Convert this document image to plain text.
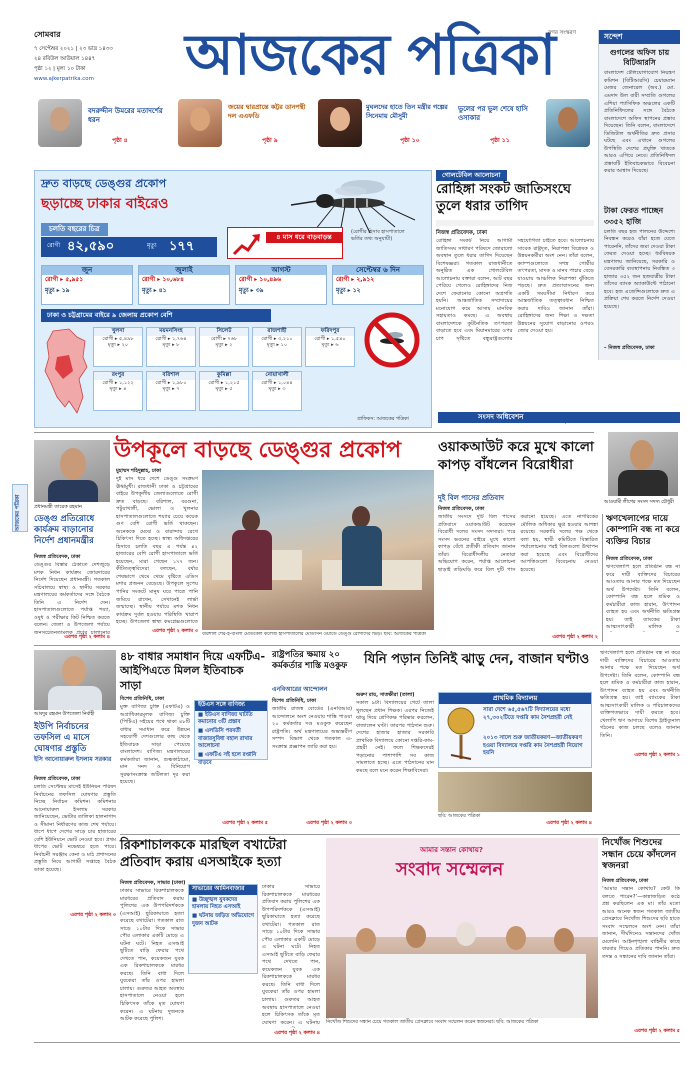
সোমবার
৭ সেপ্টেম্বর ২০২১ | ২৩ ভাদ্র ১৪৩৩
২৪ রবিউল আউয়াল ১৪৪৭
পৃষ্ঠা ১২ | মূল্য ১০ টাকা
www.ajkerpatrika.com	আজকের পত্রিকা
নগর সংস্করণ
বদরুদ্দীন উমরের মতাদর্শের ধরন
পৃষ্ঠা ৪
জয়ের দ্বারপ্রান্তে কট্টর ডানপন্থী দল এএফডি
পৃষ্ঠা ৯
মুঘলদের হাতে তিন মন্ত্রীর গল্পের সিনেমায় মৌসুমী
পৃষ্ঠা ১০
ভুলের পর ভুল শেষে হাসি ওসাকার
পৃষ্ঠা ১১
সন্দেশ
গুগলের অফিস চায় বিটিআরসি
বাংলাদেশ টেলিযোগাযোগ নিয়ন্ত্রণ কমিশন (বিটিআরসি) চেয়ারম্যান মেজর জেনারেল (অব.) মো. এমদাদ উল বারী সম্প্রতি গুগলের এশিয়া প্যাসিফিক অঞ্চলের একটি প্রতিনিধিদলের সঙ্গে বৈঠকে বাংলাদেশে অফিস স্থাপনের প্রস্তাব দিয়েছেন। তিনি বলেন, বাংলাদেশে ডিজিটাল অর্থনীতির দ্রুত প্রসার ঘটছে এবং এখানে গুগলের উপস্থিতি দেশের প্রযুক্তি খাতকে আরও এগিয়ে নেবে। প্রতিনিধিদল প্রস্তাবটি ইতিবাচকভাবে বিবেচনা করার আশ্বাস দিয়েছে।
টাকা ফেরত পাচ্ছেন ৩৩৫২ হাজি
চলতি বছর হজ পালনের উদ্দেশ্যে নিবন্ধন করেও যাঁরা হজে যেতে পারেননি, তাঁদের জমা দেওয়া টাকা ফেরত দেওয়া হচ্ছে। ধর্মবিষয়ক মন্ত্রণালয় জানিয়েছে, সরকারি ও বেসরকারি ব্যবস্থাপনায় নিবন্ধিত ৩ হাজার ৩৫২ জন হজযাত্রীর টাকা তাঁদের ব্যাংক অ্যাকাউন্টে পাঠানো হবে। হজ এজেন্সিগুলোকে দ্রুত এ প্রক্রিয়া শেষ করতে নির্দেশ দেওয়া হয়েছে।
– নিজস্ব প্রতিবেদক, ঢাকা
দ্রুত বাড়ছে ডেঙ্গুর প্রকোপ
ছড়াচ্ছে ঢাকার বাইরেও
চলতি বছরের চিত্র
রোগী ৪২,৫৯০	মৃত্যু ১৭৭
৪ মাস ধরে বাড়বাড়ন্ত
(রোগীর হিসাব হাসপাতালে ভর্তির তথ্য অনুযায়ী)
জুন
রোগী ▸ ৫,৯৫১
মৃত্যু ▸ ১৯
জুলাই
রোগী ▸ ১০,৬৮৪
মৃত্যু ▸ ৪১
আগস্ট
রোগী ▸ ১০,৪৯৬
মৃত্যু ▸ ৩৯
সেপ্টেম্বর ৬ দিন
রোগী ▸ ২,৯১২
মৃত্যু ▸ ১২
ঢাকা ও চট্টগ্রামের বাইরে ৯ জেলায় প্রকোপ বেশি
খুলনা
রোগী ▸ ৫,৪৯৮
মৃত্যু ▸ ২০
ময়মনসিংহ
রোগী ▸ ১,৭৬৪
মৃত্যু ▸ ৮
সিলেট
রোগী ▸ ৭৬৮
মৃত্যু ▸ ২
রাজশাহী
রোগী ▸ ৩,২১০
মৃত্যু ▸ ১০
ফরিদপুর
রোগী ▸ ১,৫৪০
মৃত্যু ▸ ৬
রংপুর
রোগী ▸ ১,১২২
মৃত্যু ▸ ৪
বরিশাল
রোগী ▸ ১,৯৮০
মৃত্যু ▸ ৭
কুমিল্লা
রোগী ▸ ১,২১৫
মৃত্যু ▸ ৫
নোয়াখালী
রোগী ▸ ১,০৪৪
মৃত্যু ▸ ৩
গ্রাফিকস: আজকের পত্রিকা
গোলটেবিল আলোচনা
রোহিঙ্গা সংকট জাতিসংঘে তুলে ধরার তাগিদ
নিজস্ব প্রতিবেদক, ঢাকা
রোহিঙ্গা সংকট নিয়ে আগামী জাতিসংঘ সাধারণ পরিষদে জোরালো অবস্থান তুলে ধরার তাগিদ দিয়েছেন বিশেষজ্ঞরা। গতকাল রাজধানীতে অনুষ্ঠিত এক গোলটেবিল আলোচনায় বক্তারা বলেন, আট বছর পেরিয়ে গেলেও রোহিঙ্গাদের নিজ দেশে ফেরানোর কোনো অগ্রগতি হয়নি। আন্তর্জাতিক সম্প্রদায়ের মনোযোগ কমে আসায় মানবিক সহায়তাও কমছে। এ অবস্থায় বাংলাদেশকে কূটনৈতিক তৎপরতা বাড়াতে হবে এবং মিয়ানমারের ওপর চাপ সৃষ্টিতে বন্ধুরাষ্ট্রগুলোর সহযোগিতা চাইতে হবে। আলোচনায় সাবেক রাষ্ট্রদূত, নিরাপত্তা বিশ্লেষক ও উন্নয়নকর্মীরা অংশ নেন। তাঁরা বলেন, ক্যাম্পগুলোতে সশস্ত্র গোষ্ঠীর তৎপরতা, মাদক ও মানব পাচার বেড়ে যাওয়ায় আঞ্চলিক নিরাপত্তা ঝুঁকিতে পড়ছে। দ্রুত প্রত্যাবাসনের জন্য একটি সময়সীমা নির্ধারণ করে আন্তর্জাতিক তত্ত্বাবধান নিশ্চিত করার দাবিও জানান তাঁরা। রোহিঙ্গাদের জন্য শিক্ষা ও দক্ষতা উন্নয়নের সুযোগ বাড়ানোর ওপরও জোর দেওয়া হয়।
উপকূলে বাড়ছে ডেঙ্গুর প্রকোপ
প্রধানমন্ত্রী তারেক রহমান
ডেঙ্গু প্রতিরোধে কার্যক্রম বাড়ানোর নির্দেশ প্রধানমন্ত্রীর
নিজস্ব প্রতিবেদক, ঢাকা
ডেঙ্গুর বিস্তার ঠেকাতে দেশজুড়ে মশক নিধন কার্যক্রম জোরদারের নির্দেশ দিয়েছেন প্রধানমন্ত্রী। গতকাল সচিবালয়ে স্বাস্থ্য ও স্থানীয় সরকার মন্ত্রণালয়ের কর্মকর্তাদের সঙ্গে বৈঠকে তিনি এ নির্দেশ দেন। হাসপাতালগুলোতে পর্যাপ্ত শয্যা, ওষুধ ও পরীক্ষার কিট নিশ্চিত করতে বলেন। জেলা ও উপজেলা পর্যায়ে জনসচেতনতামূলক প্রচার চালানোর
এরপর পৃষ্ঠা ২ কলাম ৪
মুহাম্মদ শহিদুল্লাহ, ঢাকা
দুই মাস ধরে দেশে ডেঙ্গু সংক্রমণ ঊর্ধ্বমুখী। রাজধানী ঢাকা ও চট্টগ্রামের বাইরে উপকূলীয় জেলাগুলোতে রোগী দ্রুত বাড়ছে। বরিশাল, বরগুনা, পটুয়াখালী, ভোলা ও খুলনার হাসপাতালগুলোতে শয্যার চেয়ে কয়েক গুণ বেশি রোগী ভর্তি থাকছেন। অনেককে মেঝে ও বারান্দায় রেখে চিকিৎসা দিতে হচ্ছে। স্বাস্থ্য অধিদপ্তরের হিসাবে চলতি বছর এ পর্যন্ত ৪২ হাজারের বেশি রোগী হাসপাতালে ভর্তি হয়েছেন, মারা গেছেন ১৭৭ জন। কীটতত্ত্ববিদেরা বলছেন, বর্ষার শেষভাগে থেমে থেমে বৃষ্টিতে এডিস মশার প্রজনন বেড়েছে। উপকূলে সুপেয় পানির সংকটে মানুষ ঘরে পাত্রে পানি জমিয়ে রাখেন, সেখানেই লার্ভা জন্মাচ্ছে। স্থানীয় পর্যায়ে মশক নিধন কার্যক্রম দুর্বল হওয়ায় পরিস্থিতি খারাপ হচ্ছে। উপজেলা স্বাস্থ্য কমপ্লেক্সগুলোতে
এরপর পৃষ্ঠা ২ কলাম ৩
বরিশাল শের-ই-বাংলা মেডিকেল কলেজ হাসপাতালের মেডিসিন ওয়ার্ডে ডেঙ্গু রোগীদের ভিড়। ছবি: আজকের পত্রিকা
আজকের পত্রিকা
সংসদ অধিবেশন
ওয়াকআউট করে মুখে কালো কাপড় বাঁধলেন বিরোধীরা
আওয়ামী লীগের সংসদ সদস্য চৌধুরী
দুই বিল পাসের প্রতিবাদ
নিজস্ব প্রতিবেদক, ঢাকা
জাতীয় সংসদে দুটি বিল পাসের প্রতিবাদে ওয়াকআউট করেছেন বিরোধী দলের সংসদ সদস্যরা। পরে সংসদ ভবনের বাইরে মুখে কালো কাপড় বেঁধে প্রতীকী প্রতিবাদ জানান তাঁরা। বিরোধীদলীয় নেতারা অভিযোগ করেন, পর্যাপ্ত আলোচনা ছাড়াই তড়িঘড়ি করে বিল দুটি পাস করানো হয়েছে। এতে নাগরিকের মৌলিক অধিকার ক্ষুণ্ণ হওয়ার আশঙ্কা রয়েছে। সরকারি দলের পক্ষ থেকে বলা হয়, স্থায়ী কমিটিতে বিস্তারিত পর্যালোচনার পরই বিলগুলো উত্থাপন করা হয়েছে এবং বিরোধীদের আপত্তিগুলো বিবেচনায় নেওয়া হয়েছে।
এরপর পৃষ্ঠা ২ কলাম ২
ঋণখেলাপের দায়ে কোম্পানি বন্ধ না করে ব্যক্তির বিচার
নিজস্ব প্রতিবেদক, ঢাকা
ঋণখেলাপি হলে প্রতিষ্ঠান বন্ধ না করে দায়ী ব্যক্তিদের বিচারের আওতায় আনার পক্ষে মত দিয়েছেন অর্থ উপদেষ্টা। তিনি বলেন, কোম্পানি বন্ধ হলে শ্রমিক ও কর্মচারীরা কাজ হারান, উৎপাদন ব্যাহত হয় এবং অর্থনীতি ক্ষতিগ্রস্ত হয়। তাই ব্যাংকের টাকা আত্মসাৎকারী মালিক ও
আবদুর রহমান উপজেলা নির্বাহী
ইউপি নির্বাচনের তফসিল এ মাসে ঘোষণার প্রস্তুতি
ইসি আনোয়ারুল ইসলাম সরকার
নিজস্ব প্রতিবেদক, ঢাকা
চলতি সেপ্টেম্বর মাসেই ইউনিয়ন পরিষদ নির্বাচনের তফসিল ঘোষণার প্রস্তুতি নিচ্ছে নির্বাচন কমিশন। কমিশনার আনোয়ারুল ইসলাম সরকার জানিয়েছেন, ভোটার তালিকা হালনাগাদ ও সীমানা নির্ধারণের কাজ শেষ পর্যায়ে। ধাপে ধাপে দেশের সাড়ে চার হাজারের বেশি ইউনিয়নে ভোট নেওয়া হবে। প্রথম ধাপের ভোট নভেম্বরে হতে পারে। নির্বাচনী সরঞ্জাম কেনা ও মাঠ প্রশাসনের প্রস্তুতি নিয়ে আগামী সপ্তাহে বৈঠক ডাকা হয়েছে।
এরপর পৃষ্ঠা ২ কলাম ৩
৪৮ বাধার সমাধান দিয়ে এফটিএ-আইপিএতে মিলল ইতিবাচক সাড়া
বিশেষ প্রতিনিধি, ঢাকা
মুক্ত বাণিজ্য চুক্তি (এফটিএ) ও অগ্রাধিকারমূলক বাণিজ্য চুক্তি (পিটিএ) সইয়ের পথে থাকা ৪৮টি বাধার সমাধান করে উন্নয়ন সহযোগী দেশগুলোর কাছ থেকে ইতিবাচক সাড়া পেয়েছে বাংলাদেশ। বাণিজ্য মন্ত্রণালয়ের কর্মকর্তারা জানান, শুল্ককাঠামো, মান সনদ ও বিনিয়োগ সুরক্ষাসংক্রান্ত জটিলতা দূর করা হয়েছে।
ইউএস সঙ্গে বাণিজ্য
■ ইউএস বাণিজ্য ঘাটতি কমানোর ৩টি প্রস্তাব
■ এলডিসি পরবর্তী বাজারসুবিধা বহাল রাখার আলোচনা
■ এফটিএ সই হলে রপ্তানি বাড়বে
এরপর পৃষ্ঠা ২ কলাম ৫
রাষ্ট্রপতির ক্ষমায় ২০ কর্মকর্তার শাস্তি মওকুফ
এনবিআরের আন্দোলন
বিশেষ প্রতিনিধি, ঢাকা
জাতীয় রাজস্ব বোর্ডের (এনবিআর) আন্দোলনে অংশ নেওয়ায় শাস্তি পাওয়া ২০ কর্মকর্তার দণ্ড মওকুফ করেছেন রাষ্ট্রপতি। অর্থ মন্ত্রণালয়ের অভ্যন্তরীণ সম্পদ বিভাগ থেকে গতকাল এ-সংক্রান্ত প্রজ্ঞাপন জারি করা হয়।
এরপর পৃষ্ঠা ২ কলাম ৩
যিনি পড়ান তিনিই ঝাড়ু দেন, বাজান ঘণ্টাও
অরুণ রায়, সাতক্ষীরা (তালা)
সকাল ৯টা। বিদ্যালয়ের গেটে তালা খুলছেন প্রধান শিক্ষক। এরপর নিজেই ঝাড়ু দিয়ে শ্রেণিকক্ষ পরিষ্কার করলেন, বাজালেন ঘণ্টা। তারপর পাঠদান শুরু। দেশের হাজার হাজার সরকারি প্রাথমিক বিদ্যালয়ে কোনো দপ্তরি-কাম-প্রহরী নেই। ফলে শিক্ষকদেরই পড়ানোর পাশাপাশি সব কাজ সামলাতে হচ্ছে। এতে পাঠদানের মান কমছে বলে মনে করেন শিক্ষাবিদেরা।
প্রাথমিক বিদ্যালয়
সারা দেশে ৬৫,৫৬৭টি বিদ্যালয়ের মধ্যে ২৭,৩০২টিতে দপ্তরি কাম নৈশপ্রহরী নেই
২০১৩ সালে শুরু জাতীয়করণ—জাতীয়করণ হওয়া বিদ্যালয়ে দপ্তরি কাম নৈশপ্রহরী নিয়োগ হয়নি
ছবি: আজকের পত্রিকা
এরপর পৃষ্ঠা ২ কলাম ৪
ঋণখেলাপি হলে প্রতিষ্ঠান বন্ধ না করে দায়ী ব্যক্তিদের বিচারের আওতায় আনার পক্ষে মত দিয়েছেন অর্থ উপদেষ্টা। তিনি বলেন, কোম্পানি বন্ধ হলে শ্রমিক ও কর্মচারীরা কাজ হারান, উৎপাদন ব্যাহত হয় এবং অর্থনীতি ক্ষতিগ্রস্ত হয়। তাই ব্যাংকের টাকা আত্মসাৎকারী মালিক ও পরিচালকদের ব্যক্তিগতভাবে দায়ী করতে হবে। খেলাপি ঋণ আদায়ে বিশেষ ট্রাইব্যুনাল গঠনের কাজ চলছে বলেও জানান তিনি।
এরপর পৃষ্ঠা ২ কলাম ১
রিকশাচালককে মারছিল বখাটেরা প্রতিবাদ করায় এসআইকে হত্যা
নিজস্ব প্রতিবেদক, সাভার (ঢাকা)
ঢাকার সাভারে রিকশাচালককে মারধরের প্রতিবাদ করায় পুলিশের এক উপপরিদর্শককে (এসআই) ছুরিকাঘাতে হত্যা করেছে বখাটেরা। গতকাল রাত সাড়ে ১০টার দিকে সাভার পৌর এলাকার একটি মোড়ে এ ঘটনা ঘটে। নিহত এসআই ছুটিতে বাড়ি ফেরার পথে দেখতে পান, কয়েকজন যুবক এক রিকশাচালককে মারধর করছে। তিনি বাধা দিলে যুবকেরা তাঁর ওপর হামলা চালায়। গুরুতর আহত অবস্থায় হাসপাতালে নেওয়া হলে চিকিৎসক তাঁকে মৃত ঘোষণা করেন। এ ঘটনায় দুজনকে আটক করেছে পুলিশ।
সাভারের আমিনবাজার
■ উচ্ছৃঙ্খল যুবকদের হামলায় নিহত এসআই
■ ঘটনায় জড়িত অভিযোগে দুজন আটক
ঢাকার সাভারে রিকশাচালককে মারধরের প্রতিবাদ করায় পুলিশের এক উপপরিদর্শককে (এসআই) ছুরিকাঘাতে হত্যা করেছে বখাটেরা। গতকাল রাত সাড়ে ১০টার দিকে সাভার পৌর এলাকার একটি মোড়ে এ ঘটনা ঘটে। নিহত এসআই ছুটিতে বাড়ি ফেরার পথে দেখতে পান, কয়েকজন যুবক এক রিকশাচালককে মারধর করছে। তিনি বাধা দিলে যুবকেরা তাঁর ওপর হামলা চালায়। গুরুতর আহত অবস্থায় হাসপাতালে নেওয়া হলে চিকিৎসক তাঁকে মৃত ঘোষণা করেন। এ ঘটনায়
এরপর পৃষ্ঠা ২ কলাম ৪
আমার সন্তান কোথায়?
সংবাদ সম্মেলন
নিখোঁজ শিশুদের সন্ধান চেয়ে গতকাল জাতীয় প্রেসক্লাবে সংবাদ সম্মেলন করেন স্বজনেরা। ছবি: আজকের পত্রিকা
নিখোঁজ শিশুদের সন্ধান চেয়ে কাঁদলেন স্বজনরা
নিজস্ব প্রতিবেদক, ঢাকা
‘আমার সন্তান কোথায়? কেউ কি বলতে পারেন?’—কান্নাজড়িত কণ্ঠে প্রশ্ন করছিলেন এক মা। তাঁর মতো আরও অনেক স্বজন গতকাল জাতীয় প্রেসক্লাবে নিখোঁজ শিশুদের ছবি হাতে সংবাদ সম্মেলনে অংশ নেন। তাঁরা জানান, দীর্ঘদিনেও সন্তানদের খোঁজ মেলেনি। আইনশৃঙ্খলা বাহিনীর কাছে বারবার গিয়েও প্রতিকার পাননি। দ্রুত তদন্ত ও সন্ধানের দাবি জানান তাঁরা।
এরপর পৃষ্ঠা ২ কলাম ৫
